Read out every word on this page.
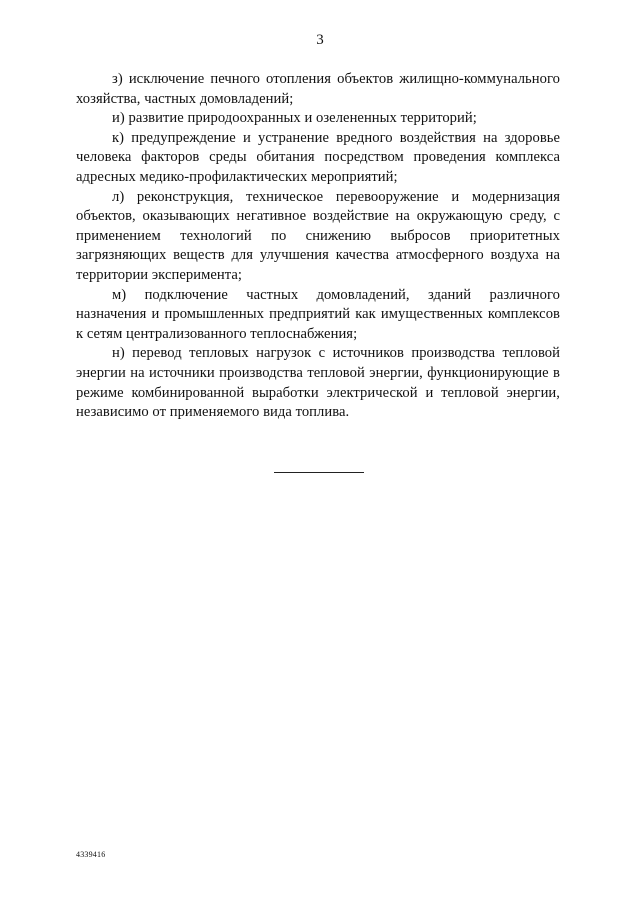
3

з) исключение печного отопления объектов жилищно-коммунального хозяйства, частных домовладений;

и) развитие природоохранных и озелененных территорий;

к) предупреждение и устранение вредного воздействия на здоровье человека факторов среды обитания посредством проведения комплекса адресных медико-профилактических мероприятий;

л) реконструкция, техническое перевооружение и модернизация объектов, оказывающих негативное воздействие на окружающую среду, с применением технологий по снижению выбросов приоритетных загрязняющих веществ для улучшения качества атмосферного воздуха на территории эксперимента;

м) подключение частных домовладений, зданий различного назначения и промышленных предприятий как имущественных комплексов к сетям централизованного теплоснабжения;

н) перевод тепловых нагрузок с источников производства тепловой энергии на источники производства тепловой энергии, функционирующие в режиме комбинированной выработки электрической и тепловой энергии, независимо от применяемого вида топлива.

4339416
